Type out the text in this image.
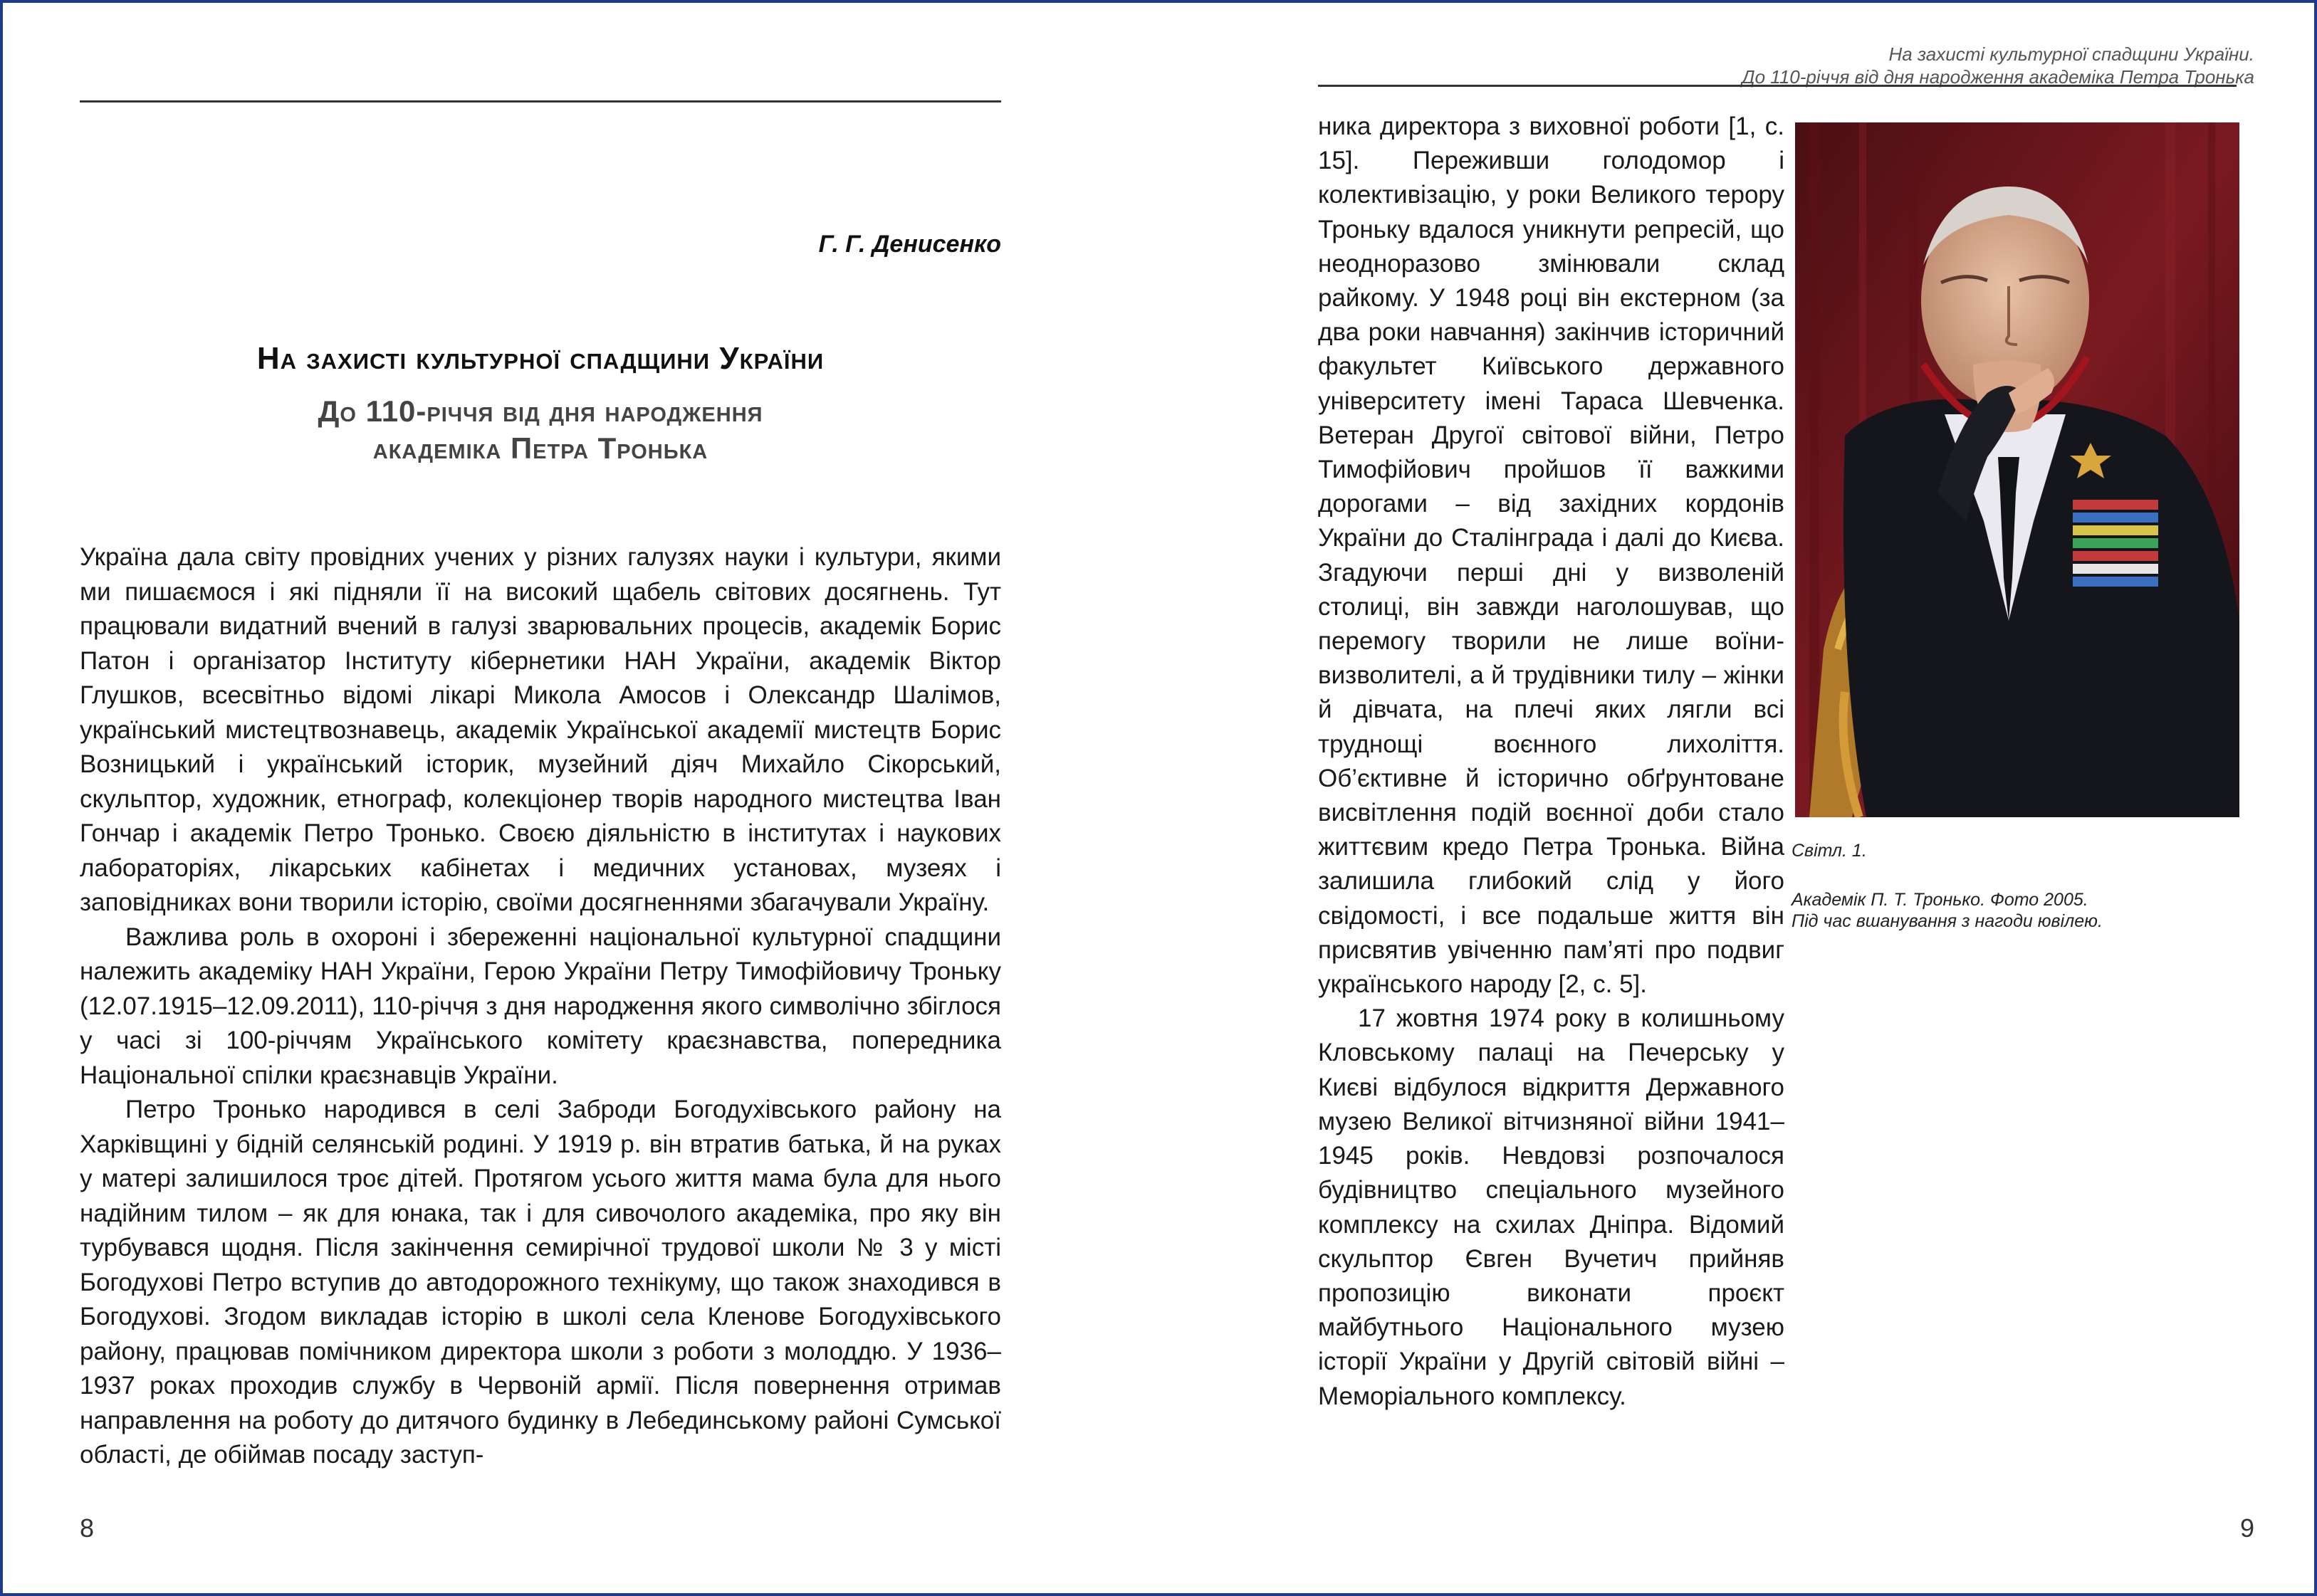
Г. Г. Денисенко
На захисті культурної спадщини України
До 110-річчя від дня народження
академіка Петра Тронька

Україна дала світу провідних учених у різних галузях науки і культури, якими ми пишаємося і які підняли її на високий щабель світових досягнень. Тут працювали видатний вчений в галузі зварювальних процесів, академік Борис Патон і організатор Інституту кібернетики НАН України, академік Віктор Глушков, всесвітньо відомі лікарі Микола Амосов і Олександр Шалімов, український мистецтвознавець, академік Української академії мистецтв Борис Возницький і український історик, музейний діяч Михайло Сікорський, скульптор, художник, етнограф, колекціонер творів народного мистецтва Іван Гончар і академік Петро Тронько. Своєю діяльністю в інститутах і наукових лабораторіях, лікарських кабінетах і медичних установах, музеях і заповідниках вони творили історію, своїми досягненнями збагачували Україну.

Важлива роль в охороні і збереженні національної культурної спадщини належить академіку НАН України, Герою України Петру Тимофійовичу Троньку (12.07.1915–12.09.2011), 110-річчя з дня народження якого символічно збіглося у часі зі 100-річчям Українського комітету краєзнавства, попередника Національної спілки краєзнавців України.

Петро Тронько народився в селі Заброди Богодухівського району на Харківщині у бідній селянській родині. У 1919 р. він втратив батька, й на руках у матері залишилося троє дітей. Протягом усього життя мама була для нього надійним тилом – як для юнака, так і для сивочолого академіка, про яку він турбувався щодня. Після закінчення семирічної трудової школи № 3 у місті Богодухові Петро вступив до автодорожного технікуму, що також знаходився в Богодухові. Згодом викладав історію в школі села Кленове Богодухівського району, працював помічником директора школи з роботи з молоддю. У 1936–1937 роках проходив службу в Червоній армії. Після повернення отримав направлення на роботу до дитячого будинку в Лебединському районі Сумської області, де обіймав посаду заступ-

8
На захисті культурної спадщини України.
До 110-річчя від дня народження академіка Петра Тронька

ника директора з виховної роботи [1, с. 15]. Переживши голодомор і колективізацію, у роки Великого терору Троньку вдалося уникнути репресій, що неодноразово змінювали склад райкому. У 1948 році він екстерном (за два роки навчання) закінчив історичний факультет Київського державного університету імені Тараса Шевченка. Ветеран Другої світової війни, Петро Тимофійович пройшов її важкими дорогами – від західних кордонів України до Сталінграда і далі до Києва. Згадуючи перші дні у визволеній столиці, він завжди наголошував, що перемогу творили не лише воїни-визволителі, а й трудівники тилу – жінки й дівчата, на плечі яких лягли всі труднощі воєнного лихоліття. Об’єктивне й історично обґрунтоване висвітлення подій воєнної доби стало життєвим кредо Петра Тронька. Війна залишила глибокий слід у його свідомості, і все подальше життя він присвятив увіченню пам’яті про подвиг українського народу [2, с. 5].

17 жовтня 1974 року в колишньому Кловському палаці на Печерську у Києві відбулося відкриття Державного музею Великої вітчизняної війни 1941–1945 років. Невдовзі розпочалося будівництво спеціального музейного комплексу на схилах Дніпра. Відомий скульптор Євген Вучетич прийняв пропозицію виконати проєкт майбутнього Національного музею історії України у Другій світовій війні – Меморіального комплексу.

Світл. 1.
Академік П. Т. Тронько. Фото 2005.
Під час вшанування з нагоди ювілею.
9
